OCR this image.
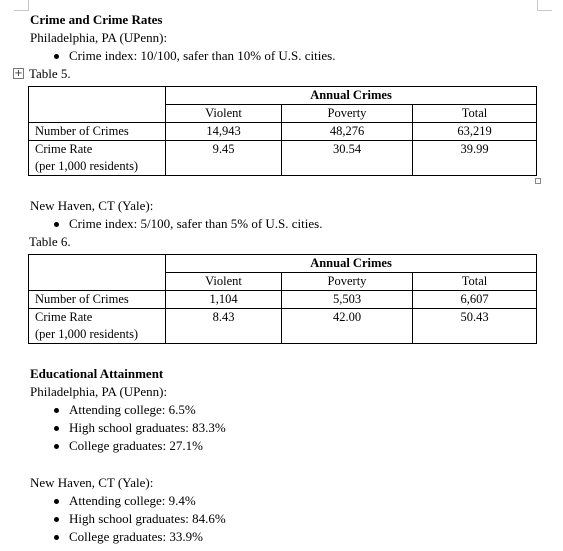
Crime and Crime Rates
Philadelphia, PA (UPenn):
Crime index: 10/100, safer than 10% of U.S. cities.
+ Table 5.
	Annual Crimes		
	Violent	Poverty	Total
Number of Crimes	14,943	48,276	63,219
Crime Rate	9.45	30.54	39.99
(per 1,000 residents)			
New Haven, CT (Yale):
Crime index: 5/100, safer than 5% of U.S. cities.
Table 6.
	Annual Crimes		
	Violent	Poverty	Total
Number of Crimes	1,104	5,503	6,607
Crime Rate	8.43	42.00	50.43
(per 1,000 residents)			
Educational Attainment
Philadelphia, PA (UPenn):
Attending college: 6.5%
High school graduates: 83.3%
College graduates: 27.1%
New Haven, CT (Yale):
Attending college: 9.4%
High school graduates: 84.6%
College graduates: 33.9%
